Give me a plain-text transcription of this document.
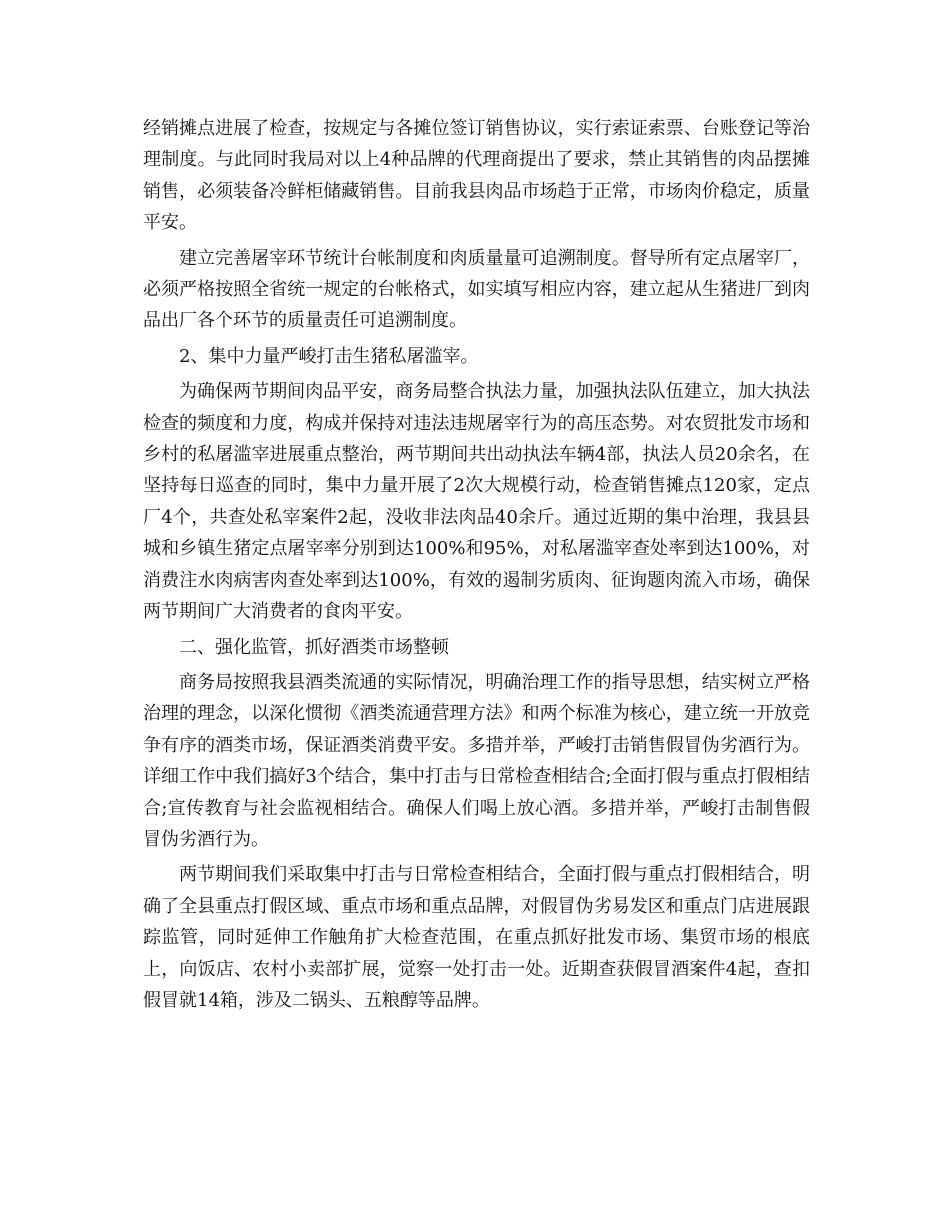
经销摊点进展了检查，按规定与各摊位签订销售协议，实行索证索票、台账登记等治理制度。与此同时我局对以上4种品牌的代理商提出了要求，禁止其销售的肉品摆摊销售，必须装备冷鲜柜储藏销售。目前我县肉品市场趋于正常，市场肉价稳定，质量平安。

建立完善屠宰环节统计台帐制度和肉质量量可追溯制度。督导所有定点屠宰厂，必须严格按照全省统一规定的台帐格式，如实填写相应内容，建立起从生猪进厂到肉品出厂各个环节的质量责任可追溯制度。

2、集中力量严峻打击生猪私屠滥宰。

为确保两节期间肉品平安，商务局整合执法力量，加强执法队伍建立，加大执法检查的频度和力度，构成并保持对违法违规屠宰行为的高压态势。对农贸批发市场和乡村的私屠滥宰进展重点整治，两节期间共出动执法车辆4部，执法人员20余名，在坚持每日巡查的同时，集中力量开展了2次大规模行动，检查销售摊点120家，定点厂4个，共查处私宰案件2起，没收非法肉品40余斤。通过近期的集中治理，我县县城和乡镇生猪定点屠宰率分别到达100%和95%，对私屠滥宰查处率到达100%，对消费注水肉病害肉查处率到达100%，有效的遏制劣质肉、征询题肉流入市场，确保两节期间广大消费者的食肉平安。

二、强化监管，抓好酒类市场整顿

商务局按照我县酒类流通的实际情况，明确治理工作的指导思想，结实树立严格治理的理念，以深化惯彻《酒类流通营理方法》和两个标准为核心，建立统一开放竞争有序的酒类市场，保证酒类消费平安。多措并举，严峻打击销售假冒伪劣酒行为。详细工作中我们搞好3个结合，集中打击与日常检查相结合;全面打假与重点打假相结合;宣传教育与社会监视相结合。确保人们喝上放心酒。多措并举，严峻打击制售假冒伪劣酒行为。

两节期间我们采取集中打击与日常检查相结合，全面打假与重点打假相结合，明确了全县重点打假区域、重点市场和重点品牌，对假冒伪劣易发区和重点门店进展跟踪监管，同时延伸工作触角扩大检查范围，在重点抓好批发市场、集贸市场的根底上，向饭店、农村小卖部扩展，觉察一处打击一处。近期查获假冒酒案件4起，查扣假冒就14箱，涉及二锅头、五粮醇等品牌。
